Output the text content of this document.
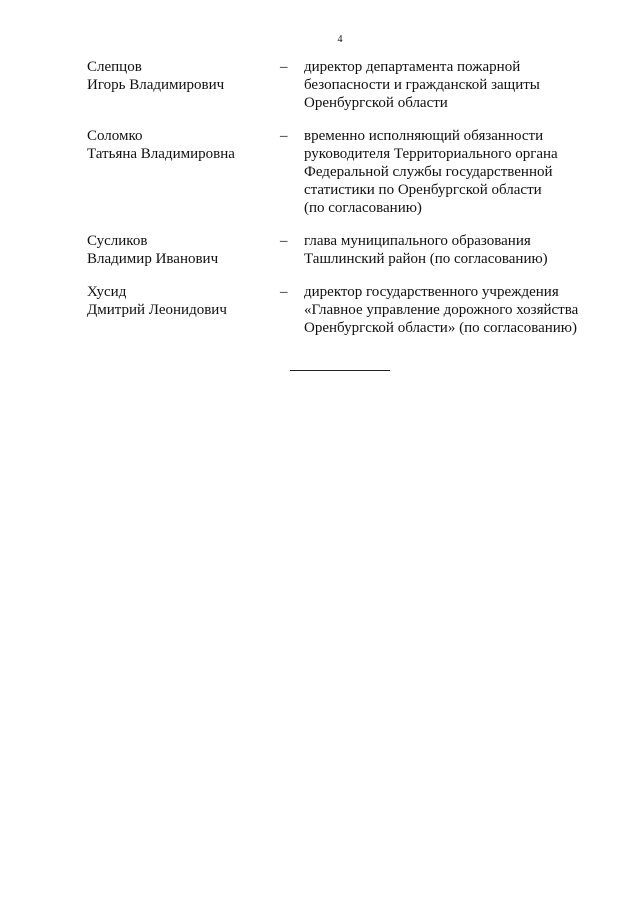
4
Слепцов
Игорь Владимирович
– директор департамента пожарной
безопасности и гражданской защиты
Оренбургской области
Соломко
Татьяна Владимировна
– временно исполняющий обязанности
руководителя Территориального органа
Федеральной службы государственной
статистики по Оренбургской области
(по согласованию)
Сусликов
Владимир Иванович
– глава муниципального образования
Ташлинский район (по согласованию)
Хусид
Дмитрий Леонидович
– директор государственного учреждения
«Главное управление дорожного хозяйства
Оренбургской области» (по согласованию)
